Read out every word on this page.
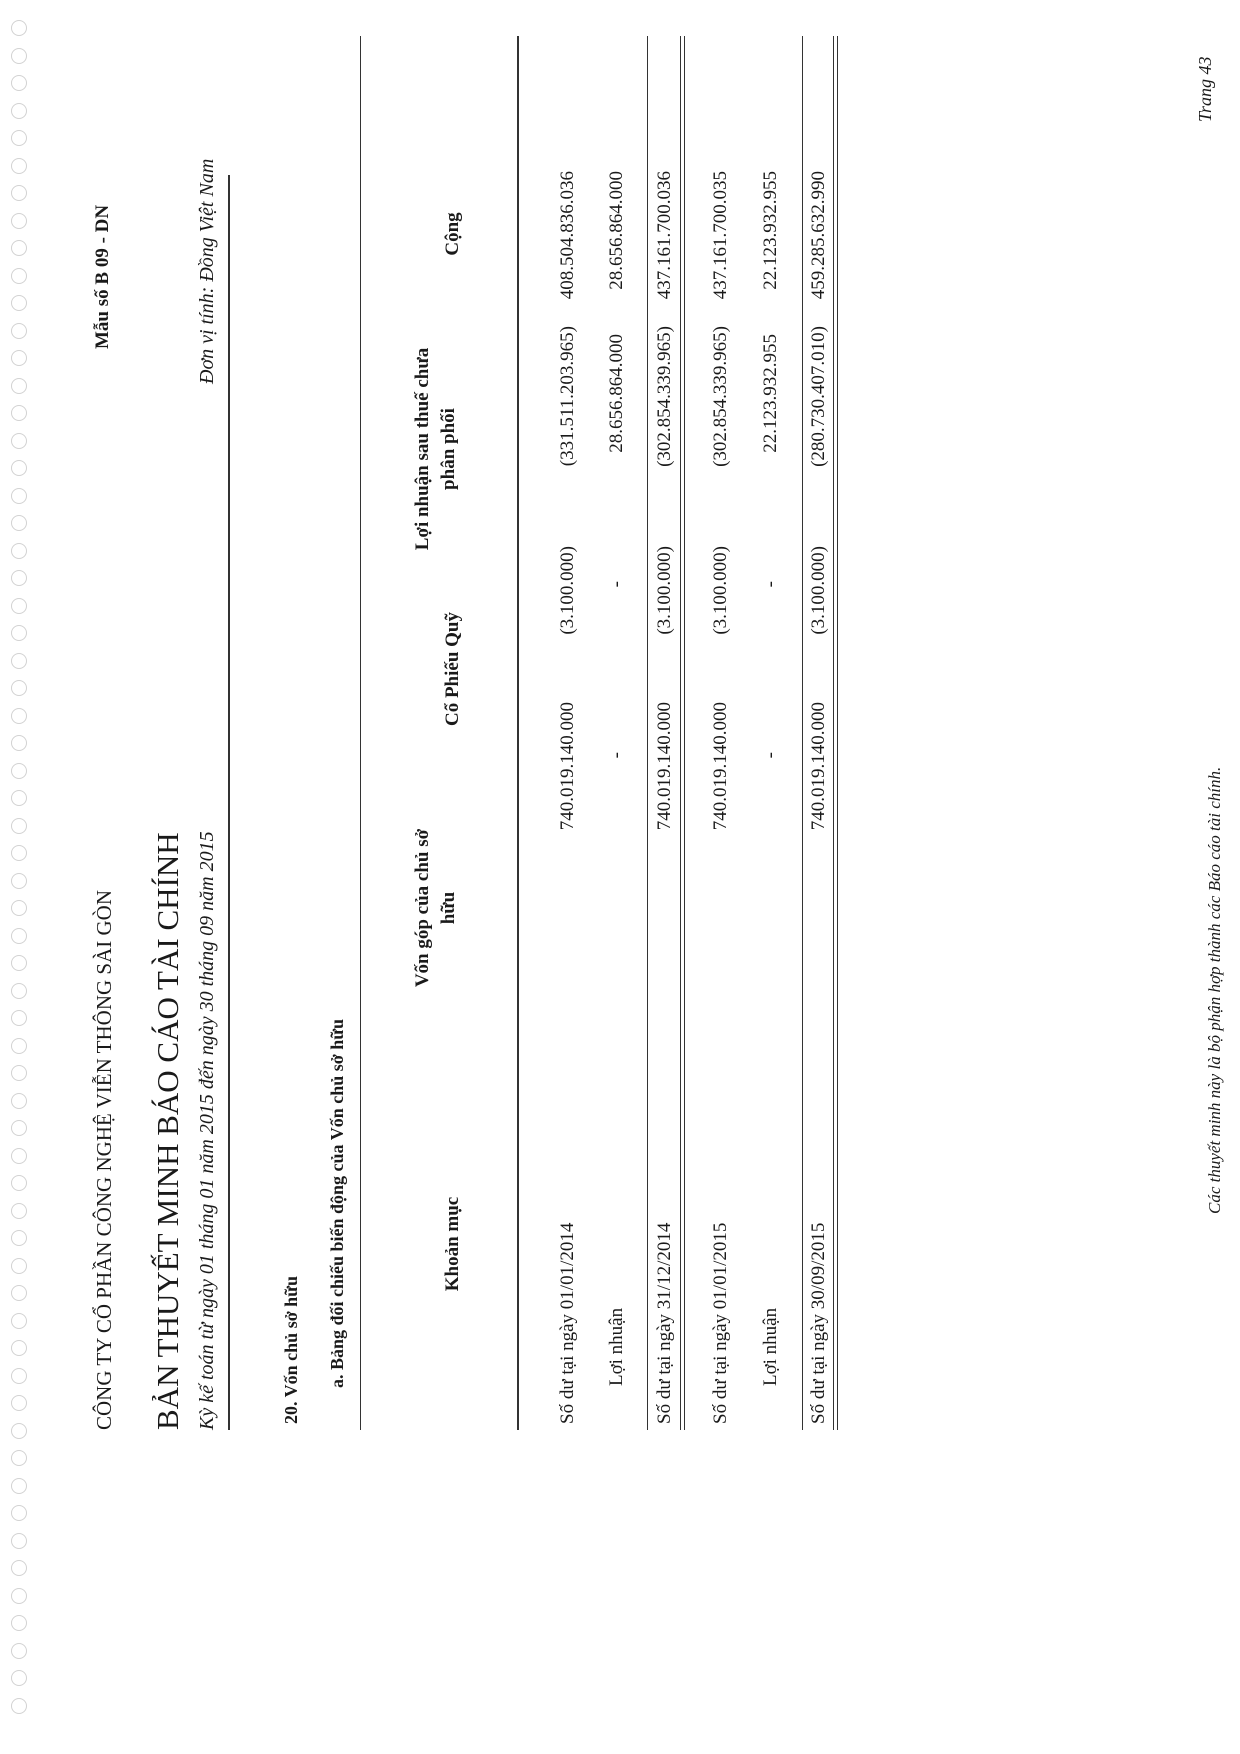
CÔNG TY CỔ PHẦN CÔNG NGHỆ VIỄN THÔNG SÀI GÒN
Mẫu số B 09 - DN
BẢN THUYẾT MINH BÁO CÁO TÀI CHÍNH Kỳ kế toán từ ngày 01 tháng 01 năm 2015 đến ngày 30 tháng 09 năm 2015
Đơn vị tính: Đồng Việt Nam
20. Vốn chủ sở hữu a. Bảng đối chiếu biến động của Vốn chủ sở hữu	Khoản mục
Vốn góp của chủ sở hữu
Cổ Phiếu Quỹ
Lợi nhuận sau thuế chưa phân phối
Cộng
Số dư tại ngày 01/01/2014
740.019.140.000
(3.100.000)
(331.511.203.965)
408.504.836.036
Lợi nhuận
-
-
28.656.864.000
28.656.864.000
Số dư tại ngày 31/12/2014
740.019.140.000
(3.100.000)
(302.854.339.965)
437.161.700.036
Số dư tại ngày 01/01/2015
740.019.140.000
(3.100.000)
(302.854.339.965)
437.161.700.035
Lợi nhuận
-
-
22.123.932.955
22.123.932.955
Số dư tại ngày 30/09/2015
740.019.140.000
(3.100.000)
(280.730.407.010)
459.285.632.990
Các thuyết minh này là bộ phận hợp thành các Báo cáo tài chính.
Trang 43
